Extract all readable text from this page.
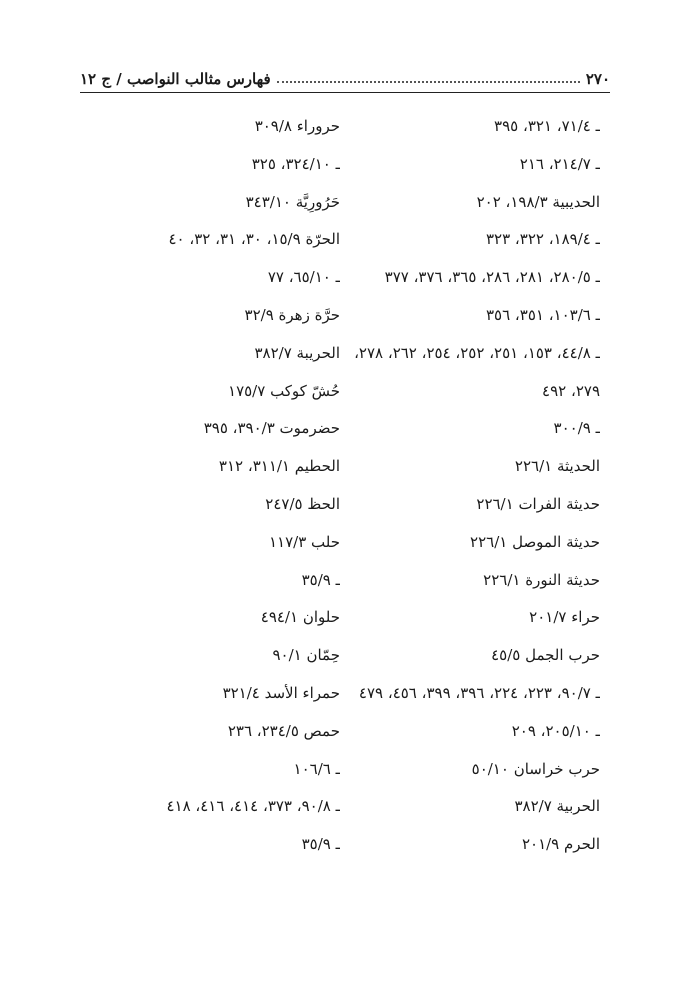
٢٧٠
فهارس مثالب النواصب / ج ١٢
ـ ٧١/٤، ٣٢١، ٣٩٥
ـ ٢١٤/٧، ٢١٦
الحديبية ١٩٨/٣، ٢٠٢
ـ ١٨٩/٤، ٣٢٢، ٣٢٣
ـ ٢٨٠/٥، ٢٨١، ٢٨٦، ٣٦٥، ٣٧٦، ٣٧٧
ـ ١٠٣/٦، ٣٥١، ٣٥٦
ـ ٤٤/٨، ١٥٣، ٢٥١، ٢٥٢، ٢٥٤، ٢٦٢، ٢٧٨،
٢٧٩، ٤٩٢
ـ ٣٠٠/٩
الحديثة ٢٢٦/١
حديثة الفرات ٢٢٦/١
حديثة الموصل ٢٢٦/١
حديثة النورة ٢٢٦/١
حراء ٢٠١/٧
حرب الجمل ٤٥/٥
ـ ٩٠/٧، ٢٢٣، ٢٢٤، ٣٩٦، ٣٩٩، ٤٥٦، ٤٧٩
ـ ٢٠٥/١٠، ٢٠٩
حرب خراسان ٥٠/١٠
الحربية ٣٨٢/٧
الحرم ٢٠١/٩
حروراء ٣٠٩/٨
ـ ٣٢٤/١٠، ٣٢٥
حَرُورِيَّة ٣٤٣/١٠
الحرّة ١٥/٩، ٣٠، ٣١، ٣٢، ٤٠
ـ ٦٥/١٠، ٧٧
حرَّة زهرة ٣٢/٩
الحريبة ٣٨٢/٧
حُشّ كوكب ١٧٥/٧
حضرموت ٣٩٠/٣، ٣٩٥
الحطيم ٣١١/١، ٣١٢
الحظ ٢٤٧/٥
حلب ١١٧/٣
ـ ٣٥/٩
حلوان ٤٩٤/١
حِمّان ٩٠/١
حمراء الأسد ٣٢١/٤
حمص ٢٣٤/٥، ٢٣٦
ـ ١٠٦/٦
ـ ٩٠/٨، ٣٧٣، ٤١٤، ٤١٦، ٤١٨
ـ ٣٥/٩
